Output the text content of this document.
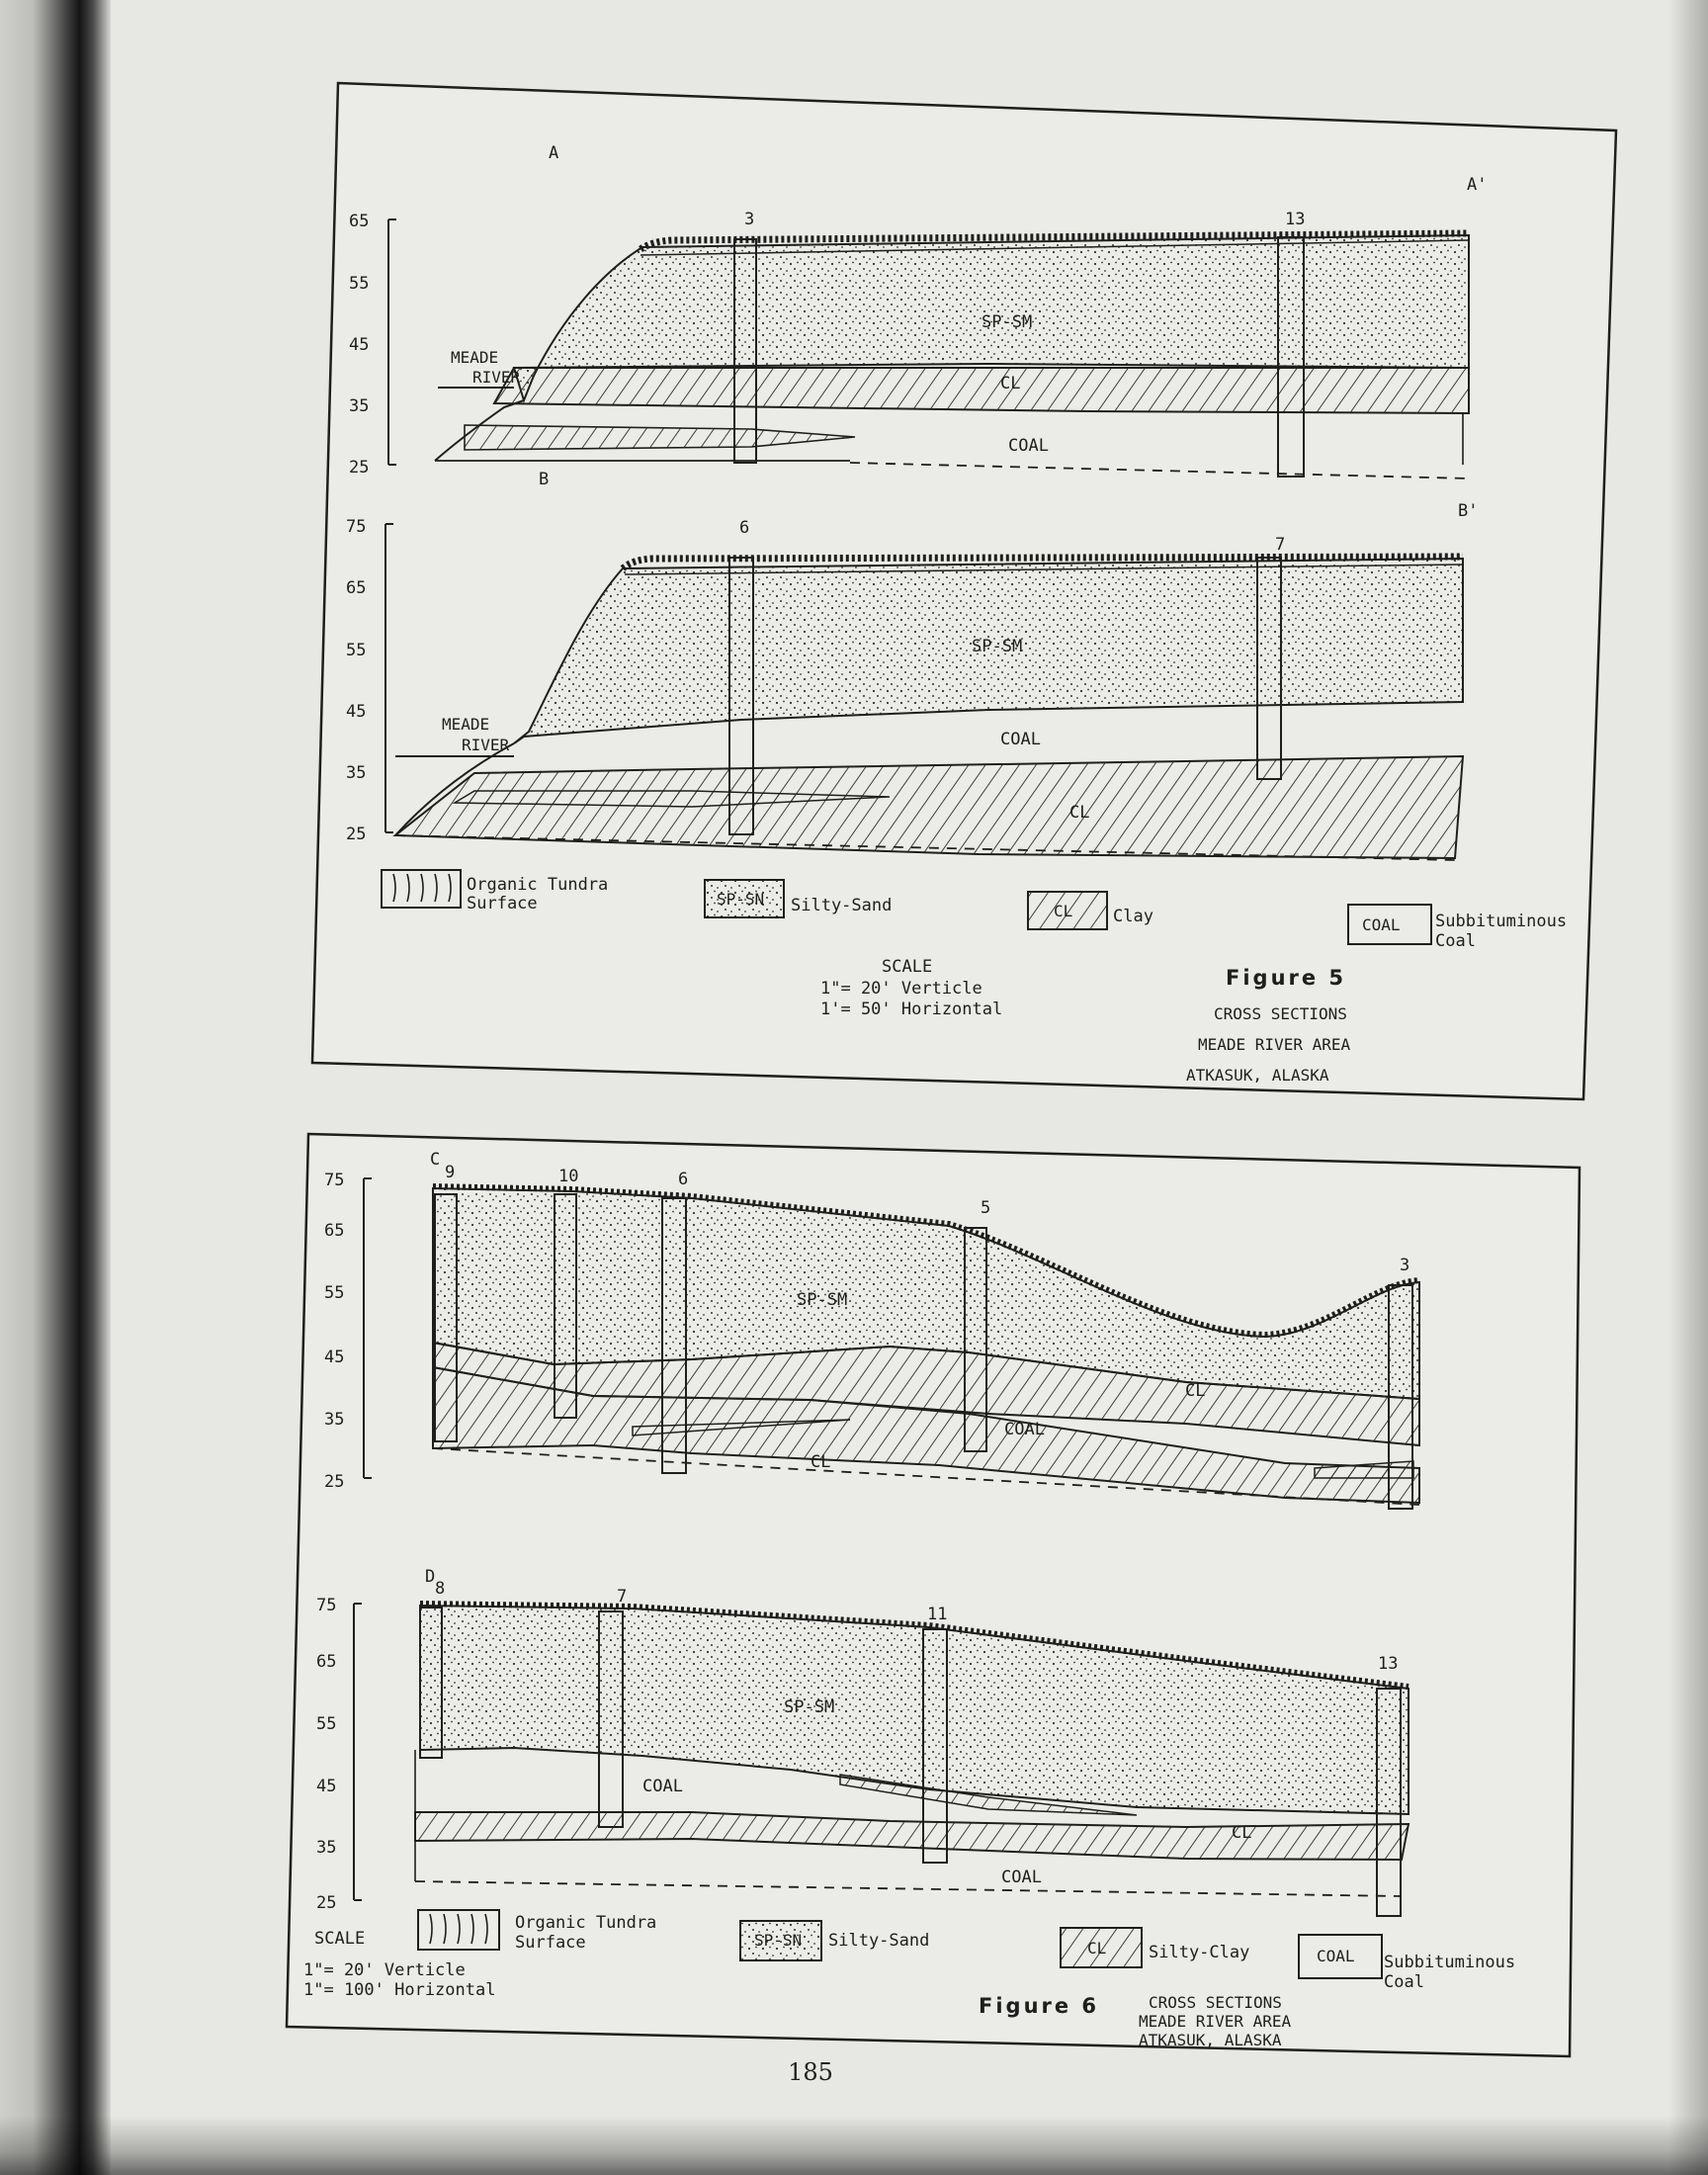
A
A'
65
55
45
35
25
3	13
MEADE
RIVER
SP-SM
CL
COAL
B
B'
75
65
55
45
35
25
6
7
MEADE
RIVER
SP-SM
COAL
CL
Organic Tundra
Surface	SP-SN Silty-Sand	CL Clay	COAL Subbituminous
Coal
SCALE
1"= 20' Verticle
1'= 50' Horizontal
Figure 5
CROSS SECTIONS
MEADE RIVER AREA
ATKASUK, ALASKA
C
75
65
55
45
35
25
9	10	6
5
3
SP-SM
CL
COAL
CL
D
75
65
55
45
35
25
8	7
11
13
SP-SM
COAL
CL
COAL
Organic Tundra
Surface	SP-SN Silty-Sand	CL	Silty-Clay	COAL Subbituminous
Coal
SCALE
1"= 20' Verticle
1"= 100' Horizontal
Figure 6	CROSS SECTIONS
MEADE RIVER AREA
ATKASUK, ALASKA
185
